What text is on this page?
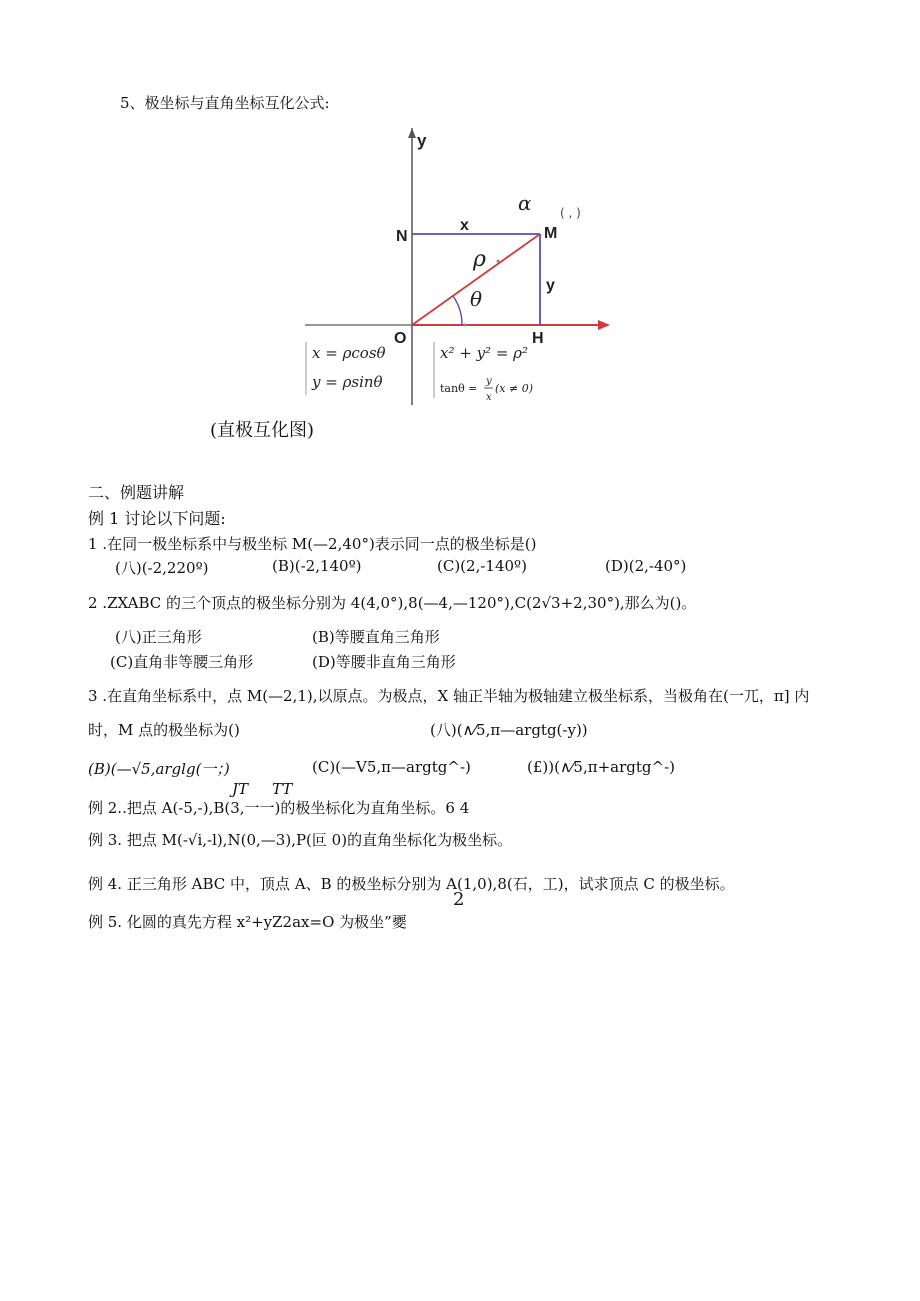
5、极坐标与直角坐标互化公式:
y
N
x
α ( , )
M
ρ
y
θ
O	H
x = ρcosθ
y = ρsinθ
x² + y² = ρ²
tanθ =
y
x
(x ≠ 0)
(直极互化图)
二、例题讲解
例 1 讨论以下问题:
1 .在同一极坐标系中与极坐标 M(—2,40°)表示同一点的极坐标是()
(八)(-2,220º)	(B)(-2,140º)	(C)(2,-140º)	(D)(2,-40°)
2 .ZXABC 的三个顶点的极坐标分别为 4(4,0°),8(—4,—120°),C(2√3+2,30°),那么为()。
(八)正三角形	(B)等腰直角三角形
(C)直角非等腰三角形	(D)等腰非直角三角形
3 .在直角坐标系中，点 M(—2,1),以原点。为极点，X 轴正半轴为极轴建立极坐标系，当极角在(一兀，π] 内
时，M 点的极坐标为()	(八)(∧⁄5,π—argtg(-y))
(B)(—√5,arglg(一；)	(C)(—V5,π—argtg^-)	(£))(∧⁄5,π+argtg^-)
JT TT
例 2..把点 A(-5,-),B(3,一一)的极坐标化为直角坐标。6 4
例 3. 把点 M(-√i,-l),N(0,—3),P(叵 0)的直角坐标化为极坐标。
例 4. 正三角形 ABC 中，顶点 A、B 的极坐标分别为 A(1,0),8(石，工)，试求顶点 C 的极坐标。
2
例 5. 化圆的真先方程 x²+yZ2ax=O 为极坐”夒
